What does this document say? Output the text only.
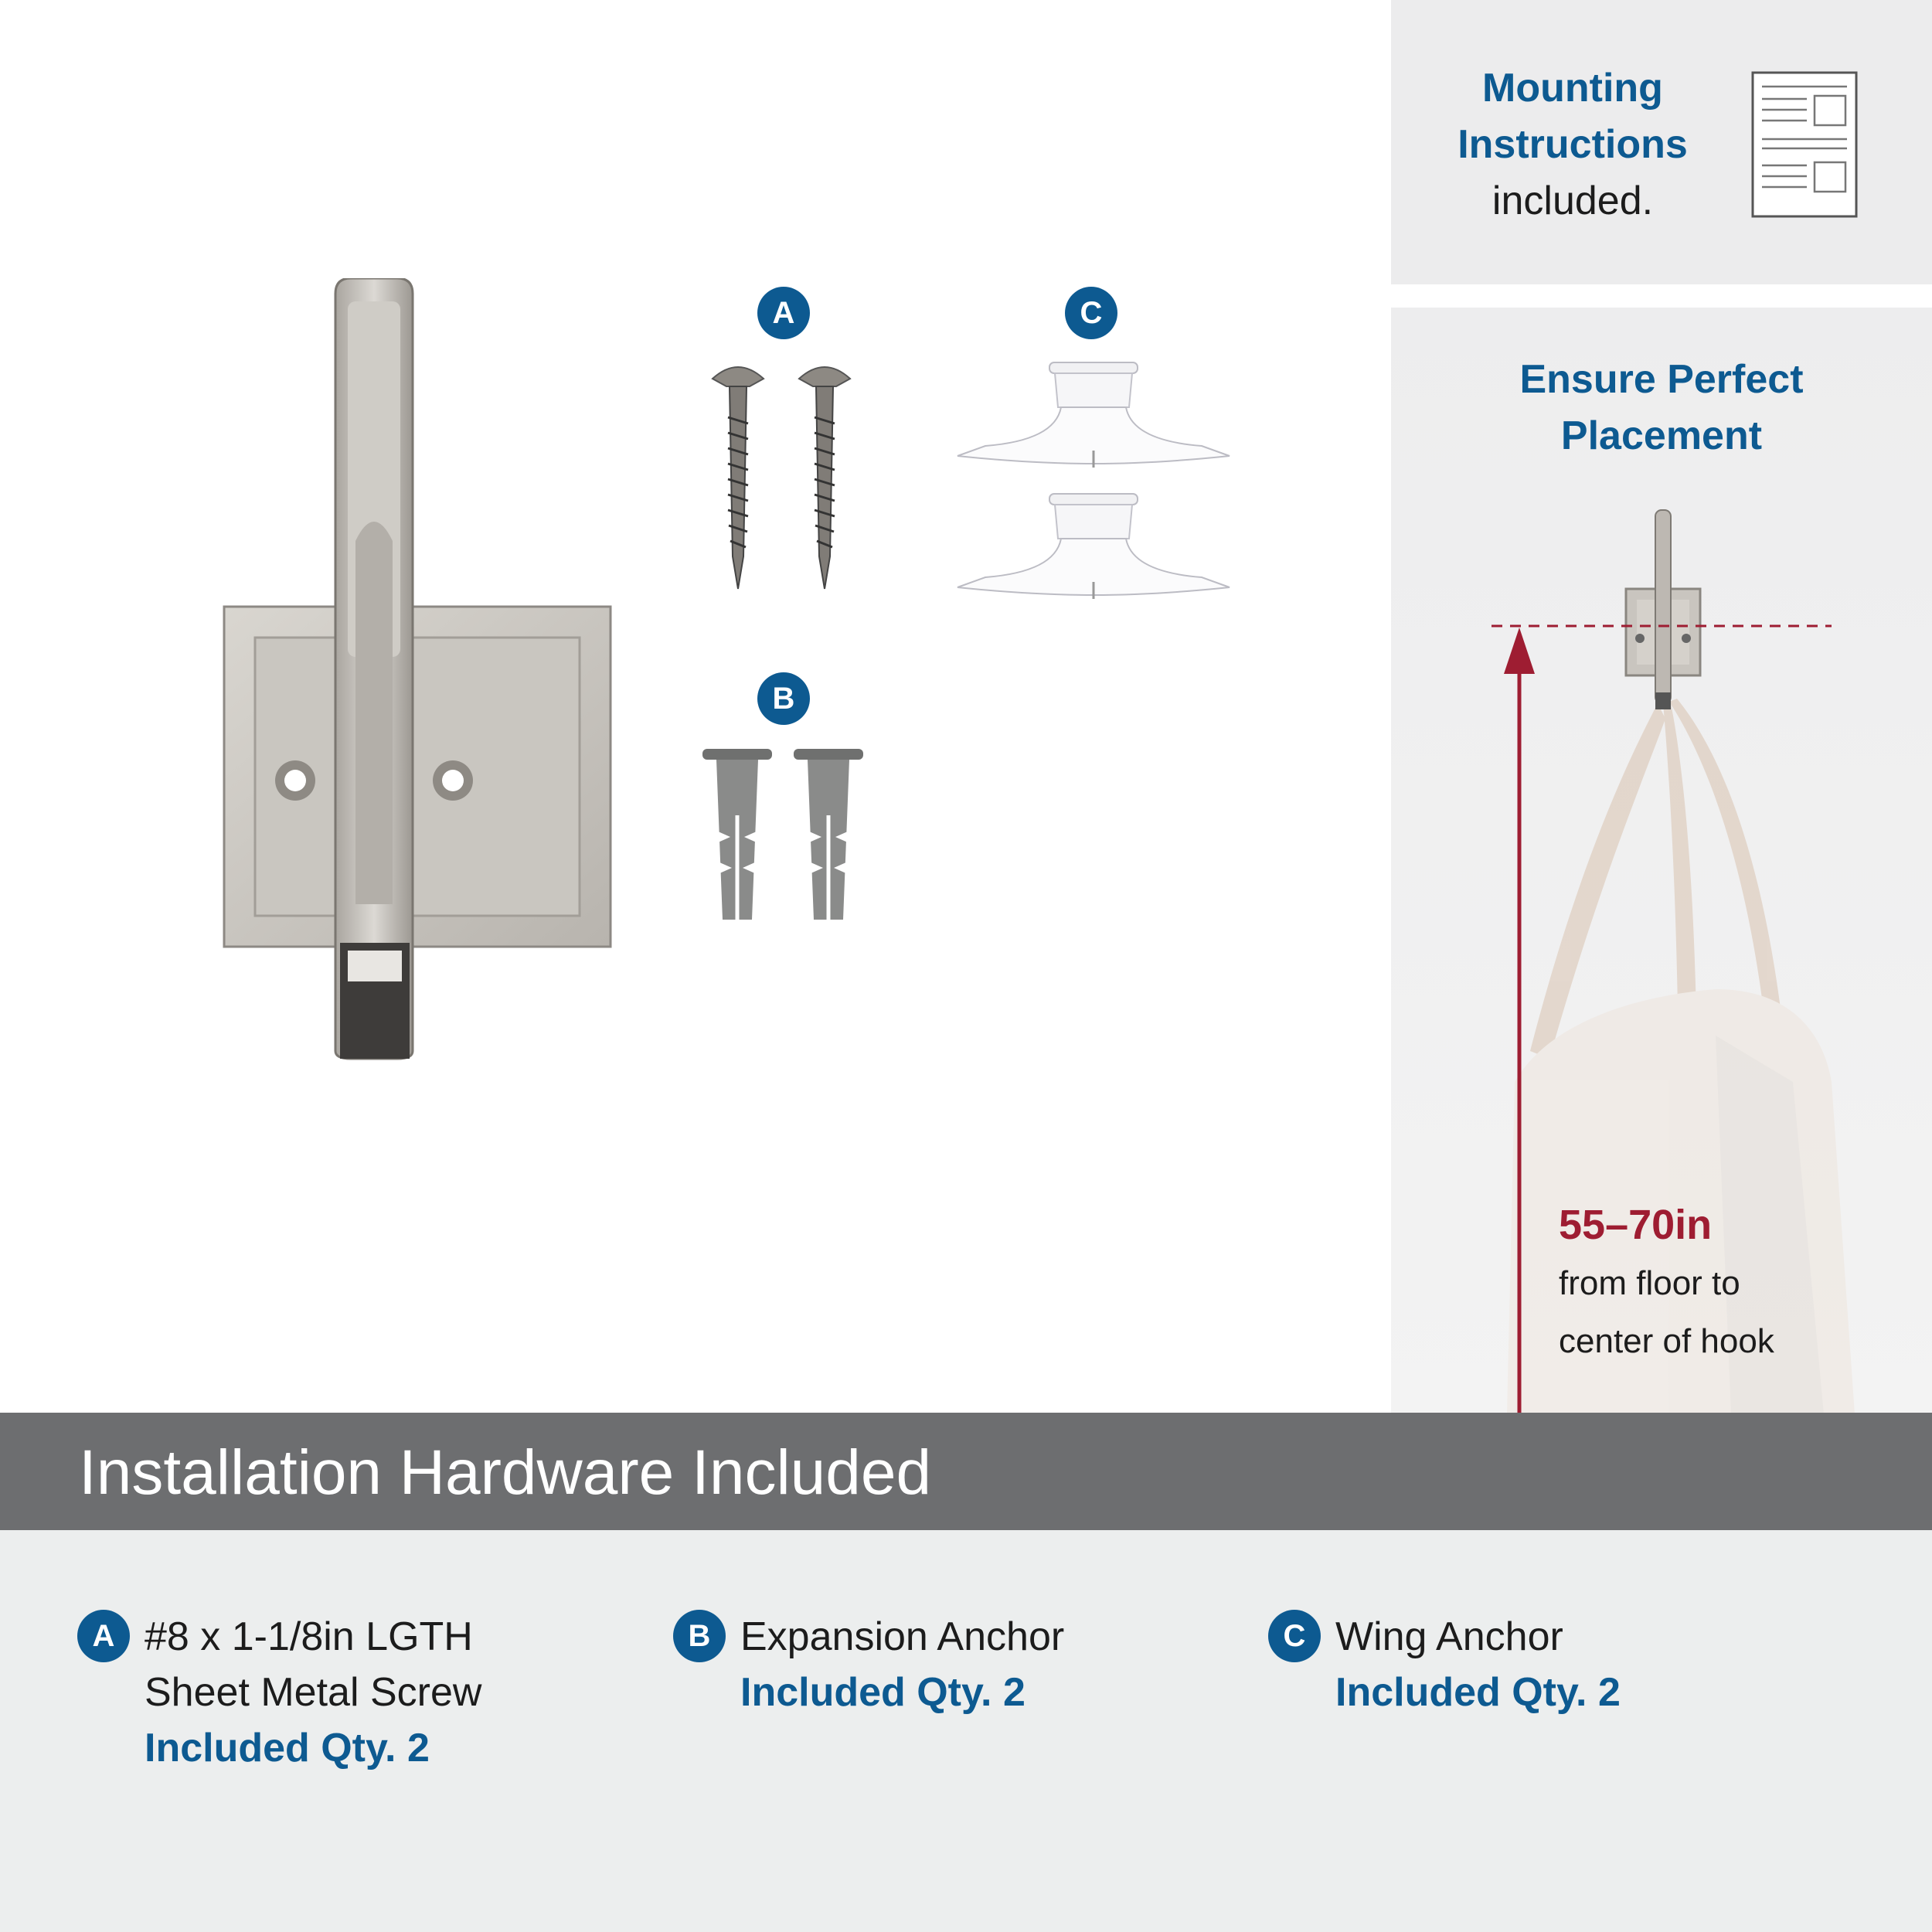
Mounting
Instructions
included.
Ensure Perfect
Placement
55–70in
from floor to
center of hook
A	C
B
Installation Hardware Included
A #8 x 1-1/8in LGTH
Sheet Metal Screw
Included Qty. 2
B Expansion Anchor
Included Qty. 2
C Wing Anchor
Included Qty. 2
